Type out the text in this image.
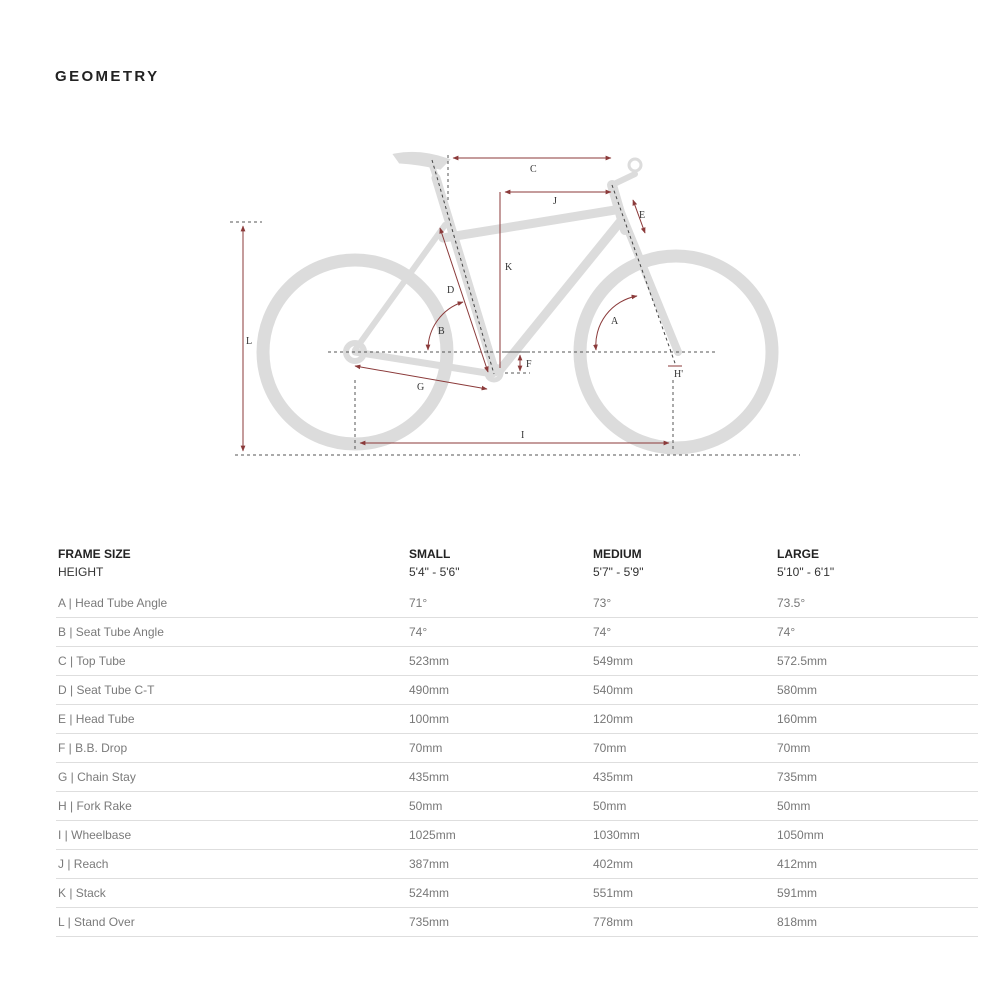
GEOMETRY
C
J
E
K
D
B
A
L
F
H'
G
I
FRAME SIZE	SMALL	MEDIUM	LARGE
HEIGHT	5'4" - 5'6"	5'7" - 5'9"	5'10" - 6'1"
A | Head Tube Angle	71°	73°	73.5°
B | Seat Tube Angle	74°	74°	74°
C | Top Tube	523mm	549mm	572.5mm
D | Seat Tube C-T	490mm	540mm	580mm
E | Head Tube	100mm	120mm	160mm
F | B.B. Drop	70mm	70mm	70mm
G | Chain Stay	435mm	435mm	735mm
H | Fork Rake	50mm	50mm	50mm
I | Wheelbase	1025mm	1030mm	1050mm
J | Reach	387mm	402mm	412mm
K | Stack	524mm	551mm	591mm
L | Stand Over	735mm	778mm	818mm
